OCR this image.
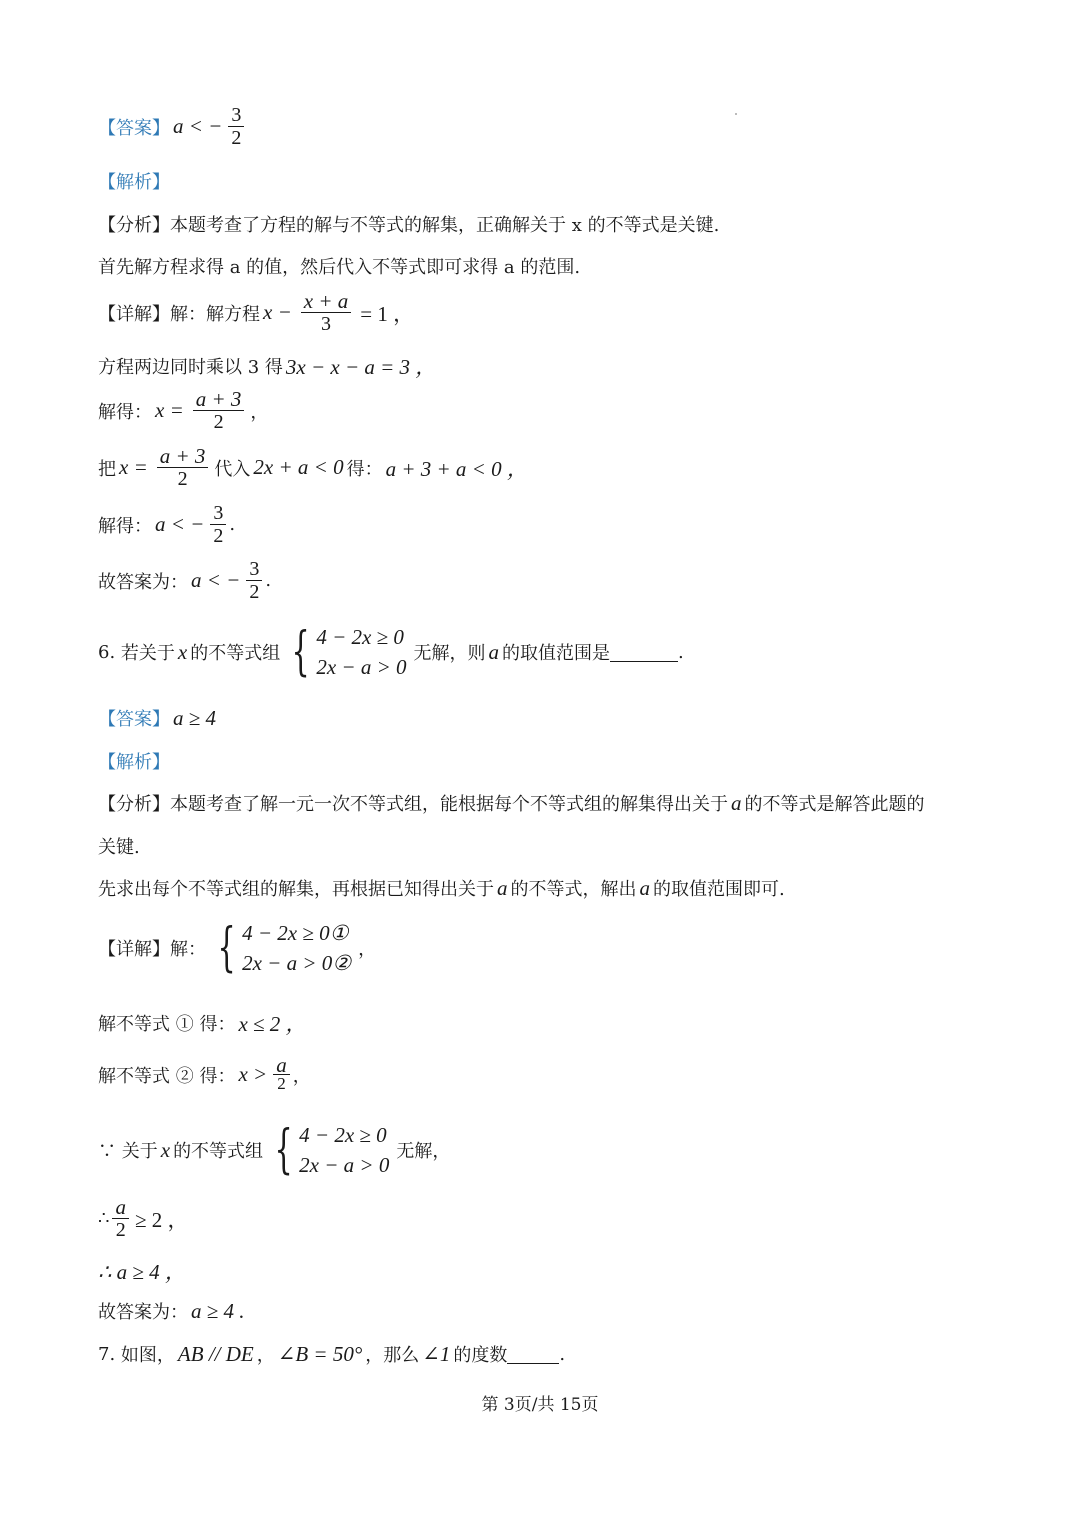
【答案】 a < − $\frac{3}{2}$
【解析】
【分析】 本题考查了方程的解与不等式的解集，正确解关于 x 的不等式是关键.
首先解方程求得 a 的值，然后代入不等式即可求得 a 的范围.
【详解】 解：解方程 $x - \frac{x + a}{3} = 1$ ，
方程两边同时乘以 3 得 3x − x − a = 3 ，
解得： $x = \frac{a + 3}{2}$ ，
把 $x = \frac{a + 3}{2}$ 代入 2x + a < 0 得： a + 3 + a < 0 ，
解得： a < − $\frac{3}{2}$ .
故答案为： a < − $\frac{3}{2}$ .
6.
若关于 x 的不等式组 { 4 − 2x ≥ 0
2x − a > 0
无解，则 a 的取值范围是	.
【答案】 a ≥ 4
【解析】
【分析】 本题考查了解一元一次不等式组，能根据每个不等式组的解集得出关于 a 的不等式是解答此题的
关键.
先求出每个不等式组的解集，再根据已知得出关于 a 的不等式，解出 a 的取值范围即可.
【详解】 解： { 4 − 2x ≥ 0①
2x − a > 0②
，
解不等式 ① 得： x ≤ 2 ，
解不等式 ② 得： $x > \frac{a}{2}$ ，
∵ 关于 x 的不等式组 { 4 − 2x ≥ 0
2x − a > 0
无解，
∴ $\frac{a}{2} \ge 2$ ，
∴ a ≥ 4 ，
故答案为： a ≥ 4 .
7.
如图， AB // DE ， ∠B = 50° ，那么 ∠1 的度数	.
第 3页/共 15页
